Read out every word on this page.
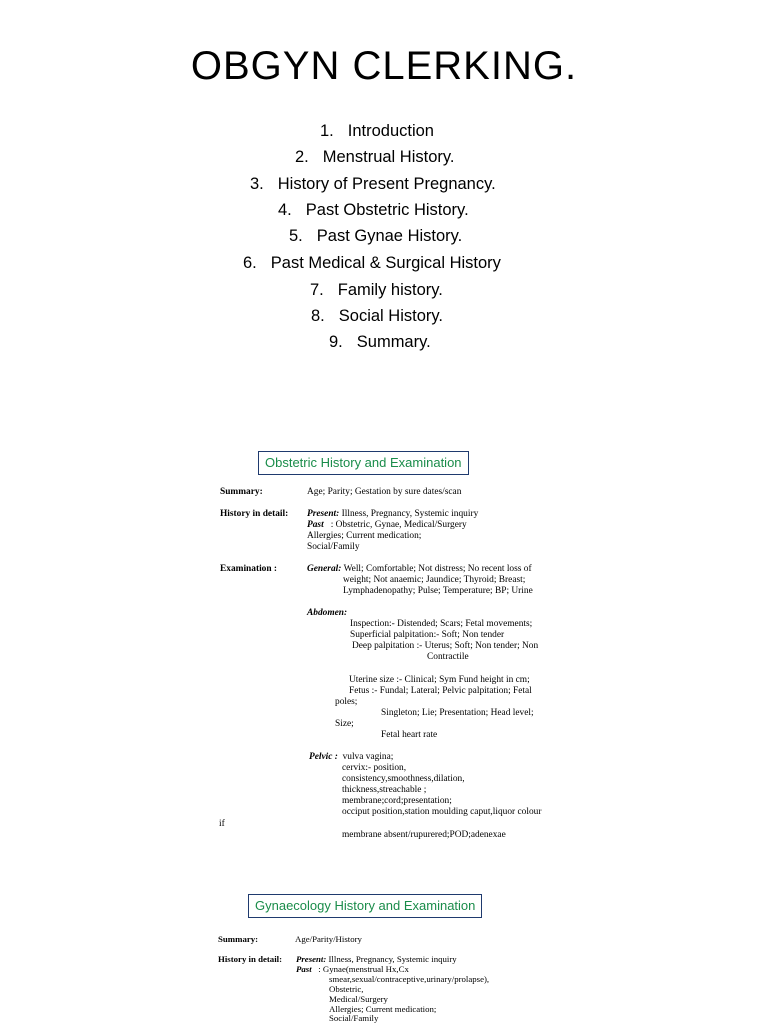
OBGYN CLERKING.
1. Introduction
2. Menstrual History.
3. History of Present Pregnancy.
4. Past Obstetric History.
5. Past Gynae History.
6. Past Medical & Surgical History
7. Family history.
8. Social History.
9. Summary.
Obstetric History and Examination
Summary:	Age; Parity; Gestation by sure dates/scan
History in detail: Present: Illness, Pregnancy, Systemic inquiry
Past : Obstetric, Gynae, Medical/Surgery
Allergies; Current medication;
Social/Family
Examination :	General: Well; Comfortable; Not distress; No recent loss of
weight; Not anaemic; Jaundice; Thyroid; Breast;
Lymphadenopathy; Pulse; Temperature; BP; Urine
Abdomen:
Inspection:- Distended; Scars; Fetal movements;
Superficial palpitation:- Soft; Non tender
Deep palpitation :- Uterus; Soft; Non tender; Non
Contractile
Uterine size :- Clinical; Sym Fund height in cm;
Fetus :- Fundal; Lateral; Pelvic palpitation; Fetal
poles;
Singleton; Lie; Presentation; Head level;
Size;
Fetal heart rate
Pelvic : vulva vagina;
cervix:- position,
consistency,smoothness,dilation,
thickness,streachable ;
membrane;cord;presentation;
occiput position,station moulding caput,liquor colour
if
membrane absent/rupurered;POD;adenexae
Gynaecology History and Examination
Summary:	Age/Parity/History
History in detail: Present: Illness, Pregnancy, Systemic inquiry
Past : Gynae(menstrual Hx,Cx
smear,sexual/contraceptive,urinary/prolapse),
Obstetric,
Medical/Surgery
Allergies; Current medication;
Social/Family
